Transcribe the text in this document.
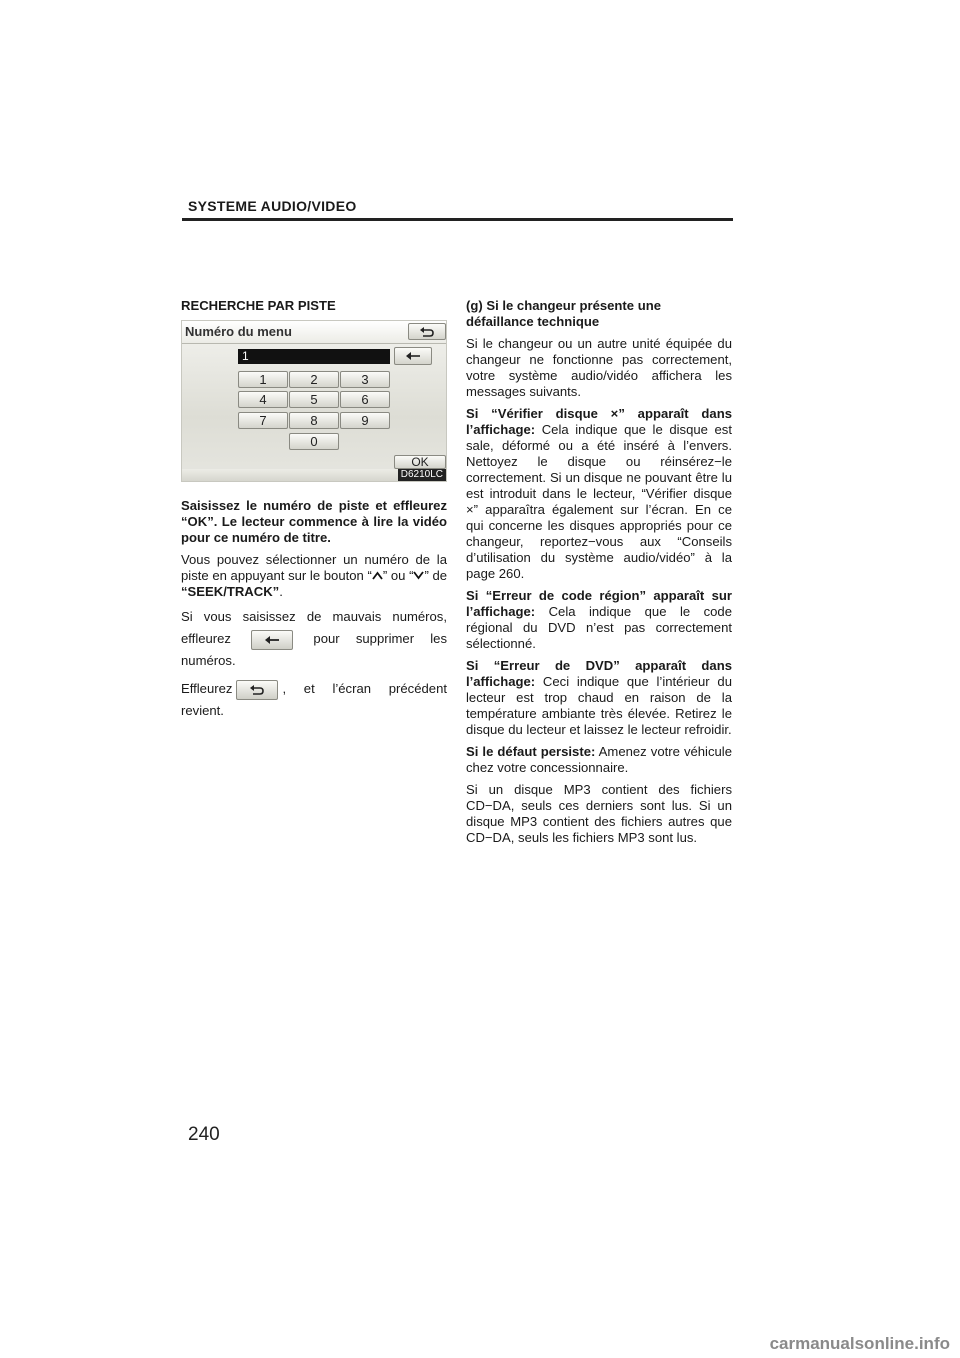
SYSTEME AUDIO/VIDEO
RECHERCHE PAR PISTE
Numéro du menu
1
1	2	3
4	5	6
7	8	9
0
OK
D6210LC

Saisissez le numéro de piste et effleurez “OK”. Le lecteur commence à lire la vidéo pour ce numéro de titre.

Vous pouvez sélectionner un numéro de la piste en appuyant sur le bouton “ ” ou “ ” de “SEEK/TRACK”.

Si vous saisissez de mauvais numéros, effleurez	pour supprimer les numéros.

Effleurez	, et l’écran précédent revient.

(g) Si le changeur présente une défaillance technique

Si le changeur ou un autre unité équipée du changeur ne fonctionne pas correctement, votre système audio/vidéo affichera les messages suivants.

Si “Vérifier disque ×” apparaît dans l’affichage: Cela indique que le disque est sale, déformé ou a été inséré à l’envers. Nettoyez le disque ou réinsérez−le correctement. Si un disque ne pouvant être lu est introduit dans le lecteur, “Vérifier disque ×” apparaîtra également sur l’écran. En ce qui concerne les disques appropriés pour ce changeur, reportez−vous aux “Conseils d’utilisation du système audio/vidéo” à la page 260.

Si “Erreur de code région” apparaît sur l’affichage: Cela indique que le code régional du DVD n’est pas correctement sélectionné.

Si “Erreur de DVD” apparaît dans l’affichage: Ceci indique que l’intérieur du lecteur est trop chaud en raison de la température ambiante très élevée. Retirez le disque du lecteur et laissez le lecteur refroidir.

Si le défaut persiste: Amenez votre véhicule chez votre concessionnaire.

Si un disque MP3 contient des fichiers CD−DA, seuls ces derniers sont lus. Si un disque MP3 contient des fichiers autres que CD−DA, seuls les fichiers MP3 sont lus.

240
carmanualsonline.info
